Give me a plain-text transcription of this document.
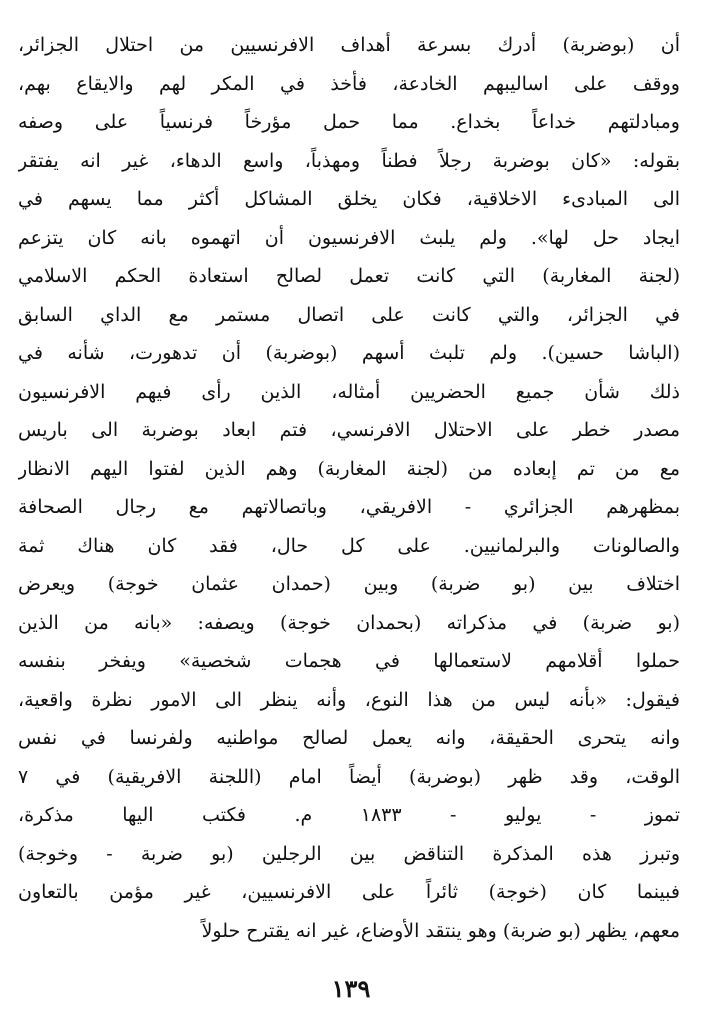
أن (بوضربة) أدرك بسرعة أهداف الافرنسيين من احتلال الجزائر،
ووقف على اساليبهم الخادعة، فأخذ في المكر لهم والايقاع بهم،
ومبادلتهم خداعاً بخداع. مما حمل مؤرخاً فرنسياً على وصفه
بقوله: «كان بوضربة رجلاً فطناً ومهذباً، واسع الدهاء، غير انه يفتقر
الى المبادىء الاخلاقية، فكان يخلق المشاكل أكثر مما يسهم في
ايجاد حل لها». ولم يلبث الافرنسيون أن اتهموه بانه كان يتزعم
(لجنة المغاربة) التي كانت تعمل لصالح استعادة الحكم الاسلامي
في الجزائر، والتي كانت على اتصال مستمر مع الداي السابق
(الباشا حسين). ولم تلبث أسهم (بوضربة) أن تدهورت، شأنه في
ذلك شأن جميع الحضريين أمثاله، الذين رأى فيهم الافرنسيون
مصدر خطر على الاحتلال الافرنسي، فتم ابعاد بوضربة الى باريس
مع من تم إبعاده من (لجنة المغاربة) وهم الذين لفتوا اليهم الانظار
بمظهرهم الجزائري - الافريقي، وباتصالاتهم مع رجال الصحافة
والصالونات والبرلمانيين. على كل حال، فقد كان هناك ثمة
اختلاف بين (بو ضربة) وبين (حمدان عثمان خوجة) ويعرض
(بو ضربة) في مذكراته (بحمدان خوجة) ويصفه: «بانه من الذين
حملوا أقلامهم لاستعمالها في هجمات شخصية» ويفخر بنفسه
فيقول: «بأنه ليس من هذا النوع، وأنه ينظر الى الامور نظرة واقعية،
وانه يتحرى الحقيقة، وانه يعمل لصالح مواطنيه ولفرنسا في نفس
الوقت، وقد ظهر (بوضربة) أيضاً امام (اللجنة الافريقية) في ٧
تموز - يوليو - ١٨٣٣ م. فكتب اليها مذكرة،
وتبرز هذه المذكرة التناقض بين الرجلين (بو ضربة - وخوجة)
فبينما كان (خوجة) ثائراً على الافرنسيين، غير مؤمن بالتعاون
معهم، يظهر (بو ضربة) وهو ينتقد الأوضاع، غير انه يقترح حلولاً
١٣٩
